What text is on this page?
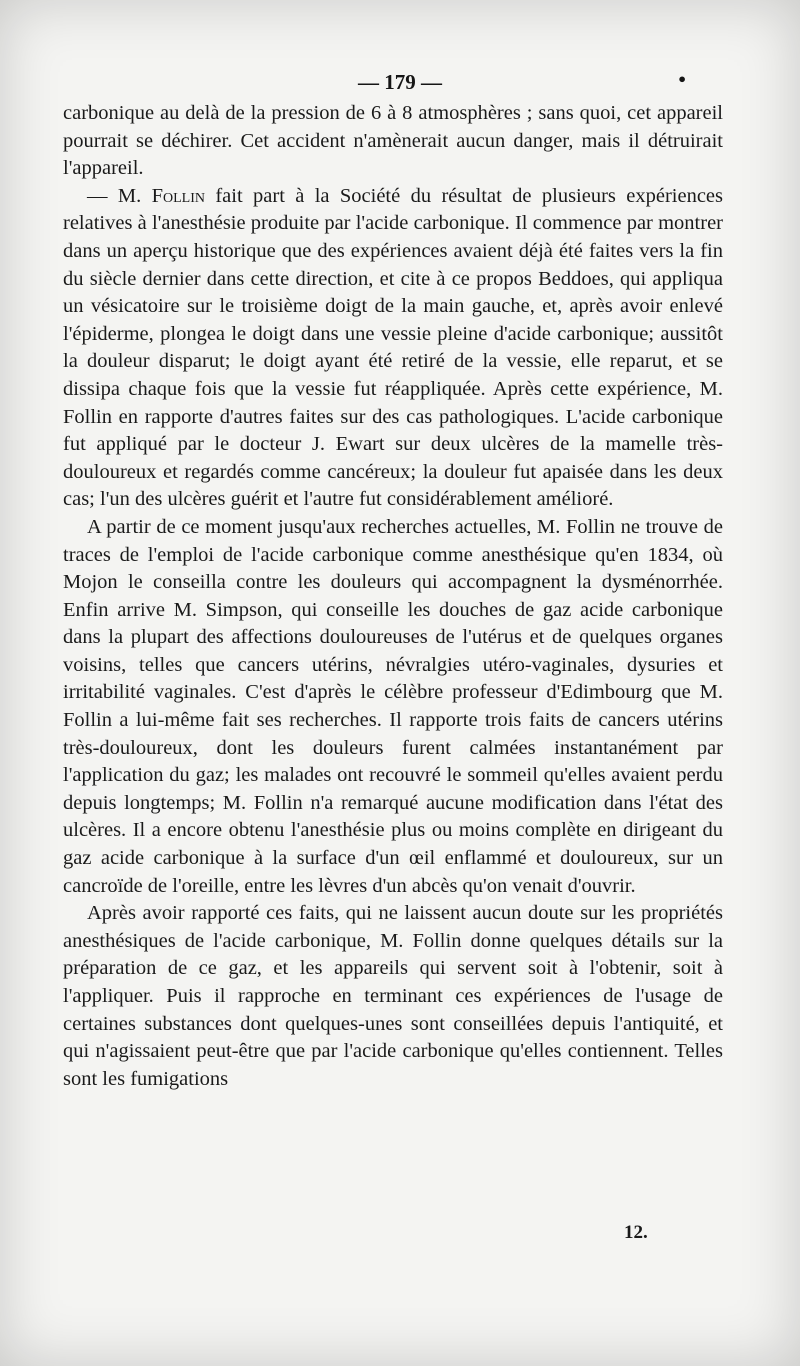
— 179 —	•

carbonique au delà de la pression de 6 à 8 atmosphères ; sans quoi, cet appareil pourrait se déchirer. Cet accident n'amènerait aucun danger, mais il détruirait l'appareil.

— M. Follin fait part à la Société du résultat de plusieurs expériences relatives à l'anesthésie produite par l'acide carbonique. Il commence par montrer dans un aperçu historique que des expériences avaient déjà été faites vers la fin du siècle dernier dans cette direction, et cite à ce propos Beddoes, qui appliqua un vésicatoire sur le troisième doigt de la main gauche, et, après avoir enlevé l'épiderme, plongea le doigt dans une vessie pleine d'acide carbonique; aussitôt la douleur disparut; le doigt ayant été retiré de la vessie, elle reparut, et se dissipa chaque fois que la vessie fut réappliquée. Après cette expérience, M. Follin en rapporte d'autres faites sur des cas pathologiques. L'acide carbonique fut appliqué par le docteur J. Ewart sur deux ulcères de la mamelle très-douloureux et regardés comme cancéreux; la douleur fut apaisée dans les deux cas; l'un des ulcères guérit et l'autre fut considérablement amélioré.

A partir de ce moment jusqu'aux recherches actuelles, M. Follin ne trouve de traces de l'emploi de l'acide carbonique comme anesthésique qu'en 1834, où Mojon le conseilla contre les douleurs qui accompagnent la dysménorrhée. Enfin arrive M. Simpson, qui conseille les douches de gaz acide carbonique dans la plupart des affections douloureuses de l'utérus et de quelques organes voisins, telles que cancers utérins, névralgies utéro-vaginales, dysuries et irritabilité vaginales. C'est d'après le célèbre professeur d'Edimbourg que M. Follin a lui-même fait ses recherches. Il rapporte trois faits de cancers utérins très-douloureux, dont les douleurs furent calmées instantanément par l'application du gaz; les malades ont recouvré le sommeil qu'elles avaient perdu depuis longtemps; M. Follin n'a remarqué aucune modification dans l'état des ulcères. Il a encore obtenu l'anesthésie plus ou moins complète en dirigeant du gaz acide carbonique à la surface d'un œil enflammé et douloureux, sur un cancroïde de l'oreille, entre les lèvres d'un abcès qu'on venait d'ouvrir.

Après avoir rapporté ces faits, qui ne laissent aucun doute sur les propriétés anesthésiques de l'acide carbonique, M. Follin donne quelques détails sur la préparation de ce gaz, et les appareils qui servent soit à l'obtenir, soit à l'appliquer. Puis il rapproche en terminant ces expériences de l'usage de certaines substances dont quelques-unes sont conseillées depuis l'antiquité, et qui n'agissaient peut-être que par l'acide carbonique qu'elles contiennent. Telles sont les fumigations

12.
